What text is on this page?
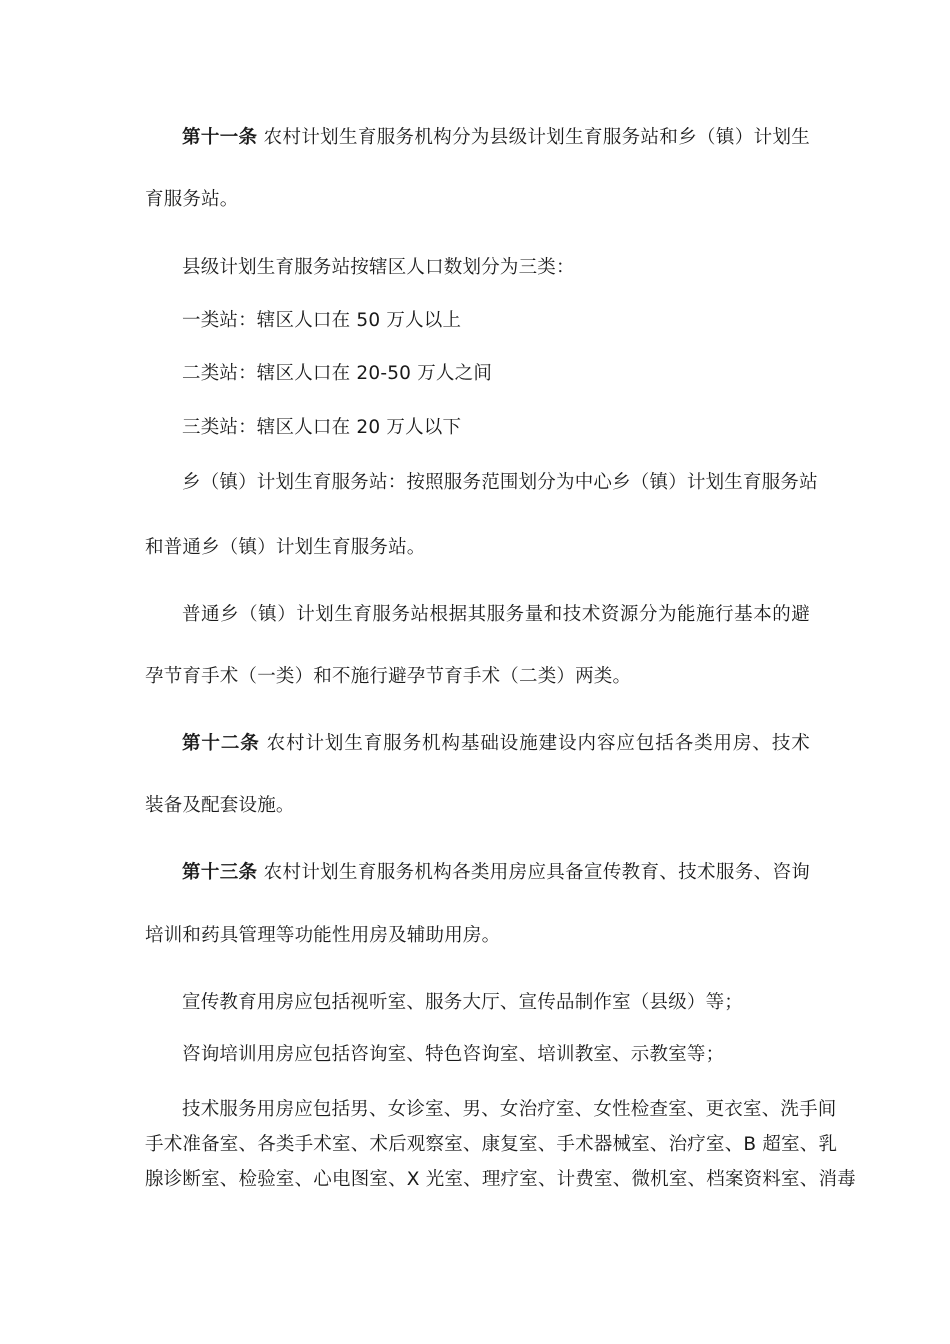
第十一条 农村计划生育服务机构分为县级计划生育服务站和乡（镇）计划生
育服务站。
县级计划生育服务站按辖区人口数划分为三类：
一类站：辖区人口在 50 万人以上
二类站：辖区人口在 20-50 万人之间
三类站：辖区人口在 20 万人以下
乡（镇）计划生育服务站：按照服务范围划分为中心乡（镇）计划生育服务站
和普通乡（镇）计划生育服务站。
普通乡（镇）计划生育服务站根据其服务量和技术资源分为能施行基本的避
孕节育手术（一类）和不施行避孕节育手术（二类）两类。
第十二条 农村计划生育服务机构基础设施建设内容应包括各类用房、技术
装备及配套设施。
第十三条 农村计划生育服务机构各类用房应具备宣传教育、技术服务、咨询
培训和药具管理等功能性用房及辅助用房。
宣传教育用房应包括视听室、服务大厅、宣传品制作室（县级）等；
咨询培训用房应包括咨询室、特色咨询室、培训教室、示教室等；
技术服务用房应包括男、女诊室、男、女治疗室、女性检查室、更衣室、洗手间
手术准备室、各类手术室、术后观察室、康复室、手术器械室、治疗室、B 超室、乳
腺诊断室、检验室、心电图室、X 光室、理疗室、计费室、微机室、档案资料室、消毒
